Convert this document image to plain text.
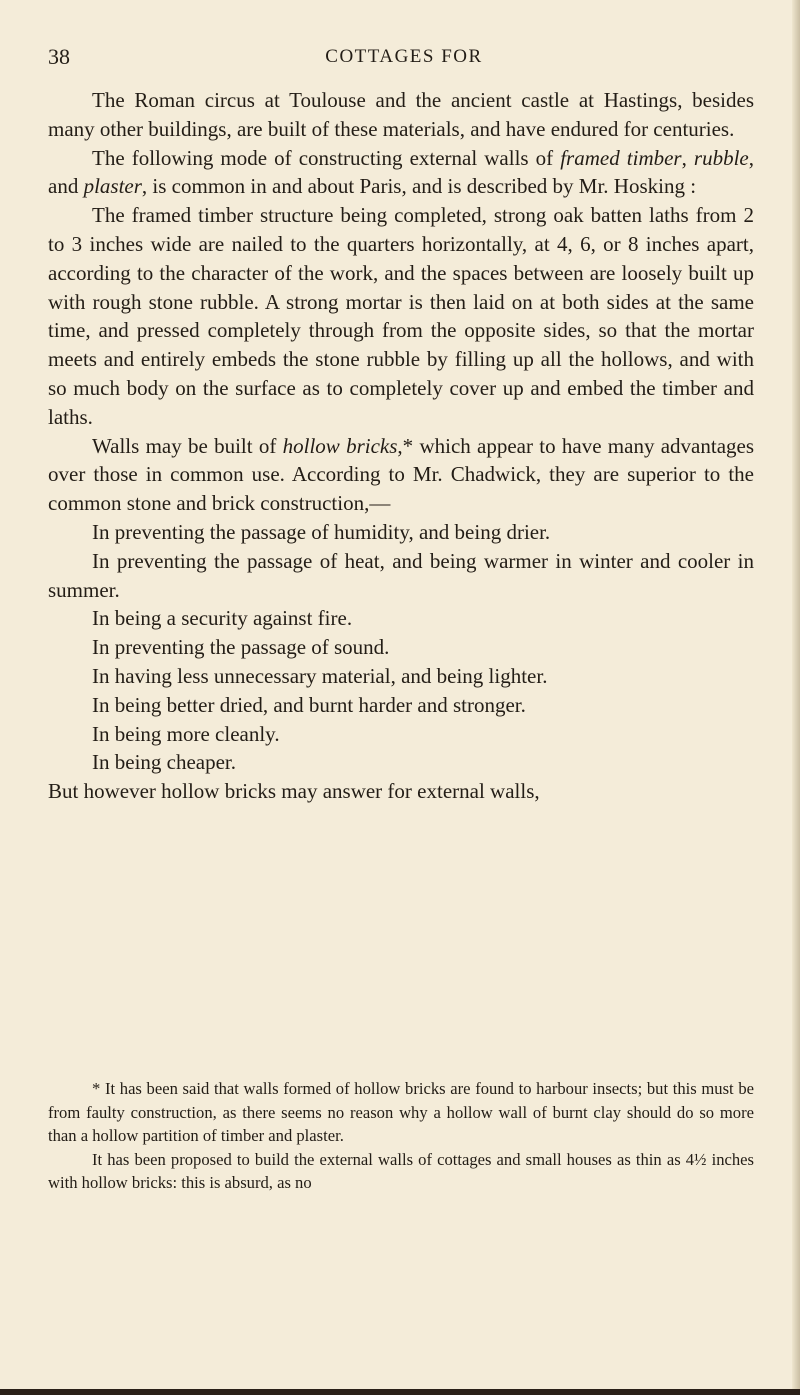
38	COTTAGES FOR

The Roman circus at Toulouse and the ancient castle at Hastings, besides many other buildings, are built of these materials, and have endured for centuries.

The following mode of constructing external walls of framed timber, rubble, and plaster, is common in and about Paris, and is described by Mr. Hosking :

The framed timber structure being completed, strong oak batten laths from 2 to 3 inches wide are nailed to the quarters horizontally, at 4, 6, or 8 inches apart, according to the character of the work, and the spaces between are loosely built up with rough stone rubble. A strong mortar is then laid on at both sides at the same time, and pressed completely through from the opposite sides, so that the mortar meets and entirely embeds the stone rubble by filling up all the hollows, and with so much body on the surface as to completely cover up and embed the timber and laths.

Walls may be built of hollow bricks,* which appear to have many advantages over those in common use. According to Mr. Chadwick, they are superior to the common stone and brick construction,—

In preventing the passage of humidity, and being drier.

In preventing the passage of heat, and being warmer in winter and cooler in summer.

In being a security against fire.

In preventing the passage of sound.

In having less unnecessary material, and being lighter.

In being better dried, and burnt harder and stronger.

In being more cleanly.

In being cheaper.

But however hollow bricks may answer for external walls,

* It has been said that walls formed of hollow bricks are found to harbour insects; but this must be from faulty construction, as there seems no reason why a hollow wall of burnt clay should do so more than a hollow partition of timber and plaster.

It has been proposed to build the external walls of cottages and small houses as thin as 4½ inches with hollow bricks: this is absurd, as no
